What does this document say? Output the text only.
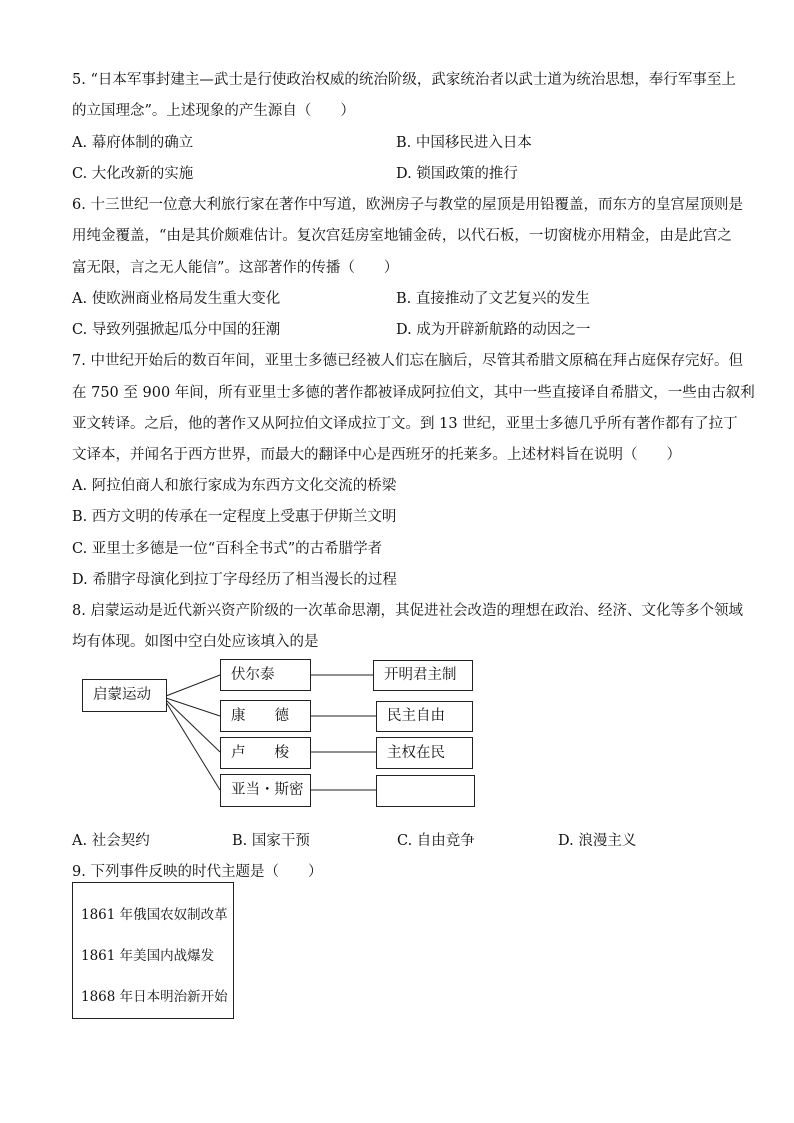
5. “日本军事封建主—武士是行使政治权威的统治阶级，武家统治者以武士道为统治思想，奉行军事至上
的立国理念”。上述现象的产生源自（　　）
A. 幕府体制的确立	B. 中国移民进入日本
C. 大化改新的实施	D. 锁国政策的推行
6. 十三世纪一位意大利旅行家在著作中写道，欧洲房子与教堂的屋顶是用铅覆盖，而东方的皇宫屋顶则是
用纯金覆盖，“由是其价颇难估计。复次宫廷房室地铺金砖，以代石板，一切窗栊亦用精金，由是此宫之
富无限，言之无人能信”。这部著作的传播（　　）
A. 使欧洲商业格局发生重大变化	B. 直接推动了文艺复兴的发生
C. 导致列强掀起瓜分中国的狂潮	D. 成为开辟新航路的动因之一
7. 中世纪开始后的数百年间，亚里士多德已经被人们忘在脑后，尽管其希腊文原稿在拜占庭保存完好。但
在 750 至 900 年间，所有亚里士多德的著作都被译成阿拉伯文，其中一些直接译自希腊文，一些由古叙利
亚文转译。之后，他的著作又从阿拉伯文译成拉丁文。到 13 世纪，亚里士多德几乎所有著作都有了拉丁
文译本，并闻名于西方世界，而最大的翻译中心是西班牙的托莱多。上述材料旨在说明（　　）
A. 阿拉伯商人和旅行家成为东西方文化交流的桥梁
B. 西方文明的传承在一定程度上受惠于伊斯兰文明
C. 亚里士多德是一位“百科全书式”的古希腊学者
D. 希腊字母演化到拉丁字母经历了相当漫长的过程
8. 启蒙运动是近代新兴资产阶级的一次革命思潮，其促进社会改造的理想在政治、经济、文化等多个领域
均有体现。如图中空白处应该填入的是
启蒙运动
伏尔泰
康　　德
卢　　梭
亚当・斯密
开明君主制
民主自由
主权在民
A. 社会契约	B. 国家干预	C. 自由竞争	D. 浪漫主义
9. 下列事件反映的时代主题是（　　）
1861 年俄国农奴制改革
1861 年美国内战爆发
1868 年日本明治新开始
